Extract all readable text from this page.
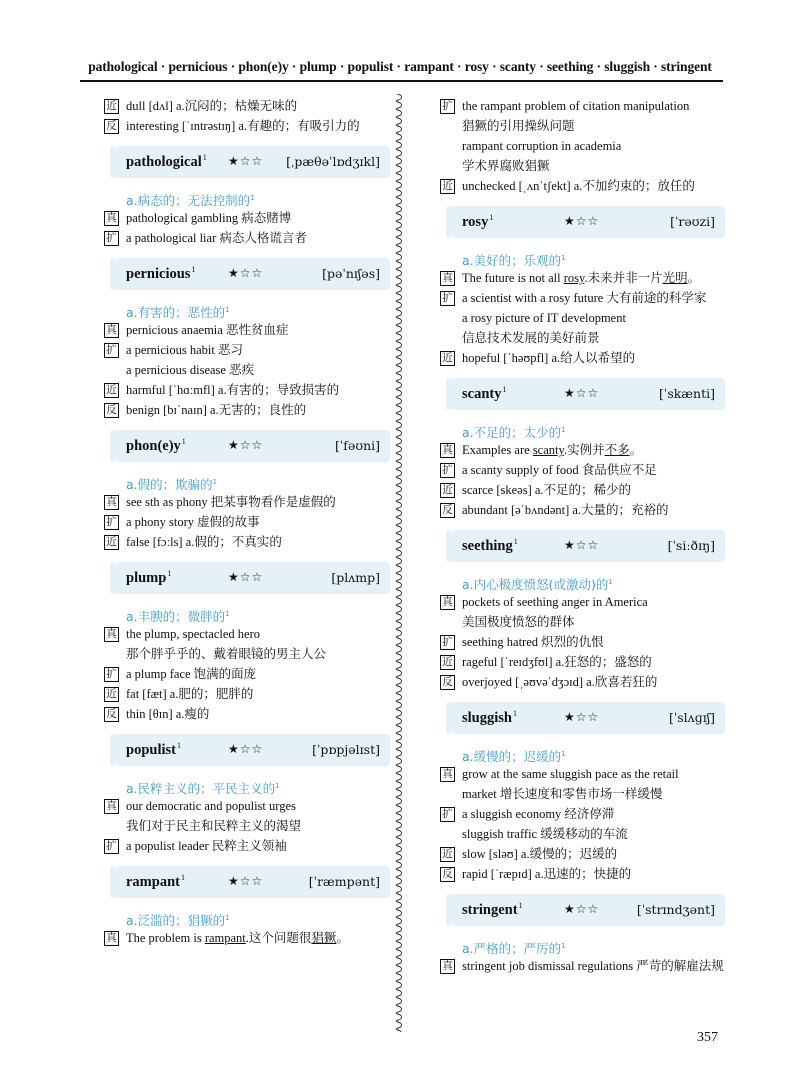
pathological · pernicious · phon(e)y · plump · populist · rampant · rosy · scanty · seething · sluggish · stringent
近 dull [dʌl] a.沉闷的；枯燥无味的
反 interesting [ˈɪntrəstɪŋ] a.有趣的；有吸引力的
pathological$^1$ ★☆☆ [ˌpæθəˈlɒdʒɪkl]
a.病态的；无法控制的$^1$
真 pathological gambling 病态赌博
扩 a pathological liar 病态人格谎言者
pernicious$^1$	★☆☆	[pəˈnɪʃəs]
a.有害的；恶性的$^1$
真 pernicious anaemia 恶性贫血症
扩 a pernicious habit 恶习
a pernicious disease 恶疾
近 harmful [ˈhɑːmfl] a.有害的；导致损害的
反 benign [bɪˈnaɪn] a.无害的；良性的
$phon(e)y^1$	★☆☆	[ˈfəʊni]
a.假的；欺骗的$^1$
真 see sth as phony 把某事物看作是虚假的
扩 a phony story 虚假的故事
近 false [fɔːls] a.假的；不真实的
plump$^1$	★☆☆	[plʌmp]
a.丰腴的；微胖的$^1$
真 the plump, spectacled hero
那个胖乎乎的、戴着眼镜的男主人公
扩 a plump face 饱满的面庞
近 fat [fæt] a.肥的；肥胖的
反 thin [θɪn] a.瘦的
populist$^1$	★☆☆	[ˈpɒpjəlɪst]
a.民粹主义的；平民主义的$^1$
真 our democratic and populist urges
我们对于民主和民粹主义的渴望
扩 a populist leader 民粹主义领袖
rampant$^1$	★☆☆	[ˈræmpənt]
a.泛滥的；猖獗的$^1$
真 The problem is rampant.这个问题很猖獗。
扩 the rampant problem of citation manipulation
猖獗的引用操纵问题
rampant corruption in academia
学术界腐败猖獗
近 unchecked [ˌʌnˈtʃekt] a.不加约束的；放任的
rosy$^1$	★☆☆	[ˈrəʊzi]
a.美好的；乐观的$^1$
真 The future is not all rosy.未来并非一片光明。
扩 a scientist with a rosy future 大有前途的科学家
a rosy picture of IT development
信息技术发展的美好前景
近 hopeful [ˈhəʊpfl] a.给人以希望的
scanty$^1$	★☆☆	[ˈskænti]
a.不足的；太少的$^1$
真 Examples are scanty.实例并不多。
扩 a scanty supply of food 食品供应不足
近 scarce [skeəs] a.不足的；稀少的
反 abundant [əˈbʌndənt] a.大量的；充裕的
seething$^1$	★☆☆	[ˈsiːðɪŋ]
a.内心极度愤怒(或激动)的$^1$
真 pockets of seething anger in America
美国极度愤怒的群体
扩 seething hatred 炽烈的仇恨
近 rageful [ˈreɪdʒfʊl] a.狂怒的；盛怒的
反 overjoyed [ˌəʊvəˈdʒɔɪd] a.欣喜若狂的
sluggish$^1$	★☆☆	[ˈslʌɡɪʃ]
a.缓慢的；迟缓的$^1$
真 grow at the same sluggish pace as the retail
market 增长速度和零售市场一样缓慢
扩 a sluggish economy 经济停滞
sluggish traffic 缓缓移动的车流
近 slow [sləʊ] a.缓慢的；迟缓的
反 rapid [ˈræpɪd] a.迅速的；快捷的
stringent$^1$	★☆☆	[ˈstrɪndʒənt]
a.严格的；严厉的$^1$
真 stringent job dismissal regulations 严苛的解雇法规
357
